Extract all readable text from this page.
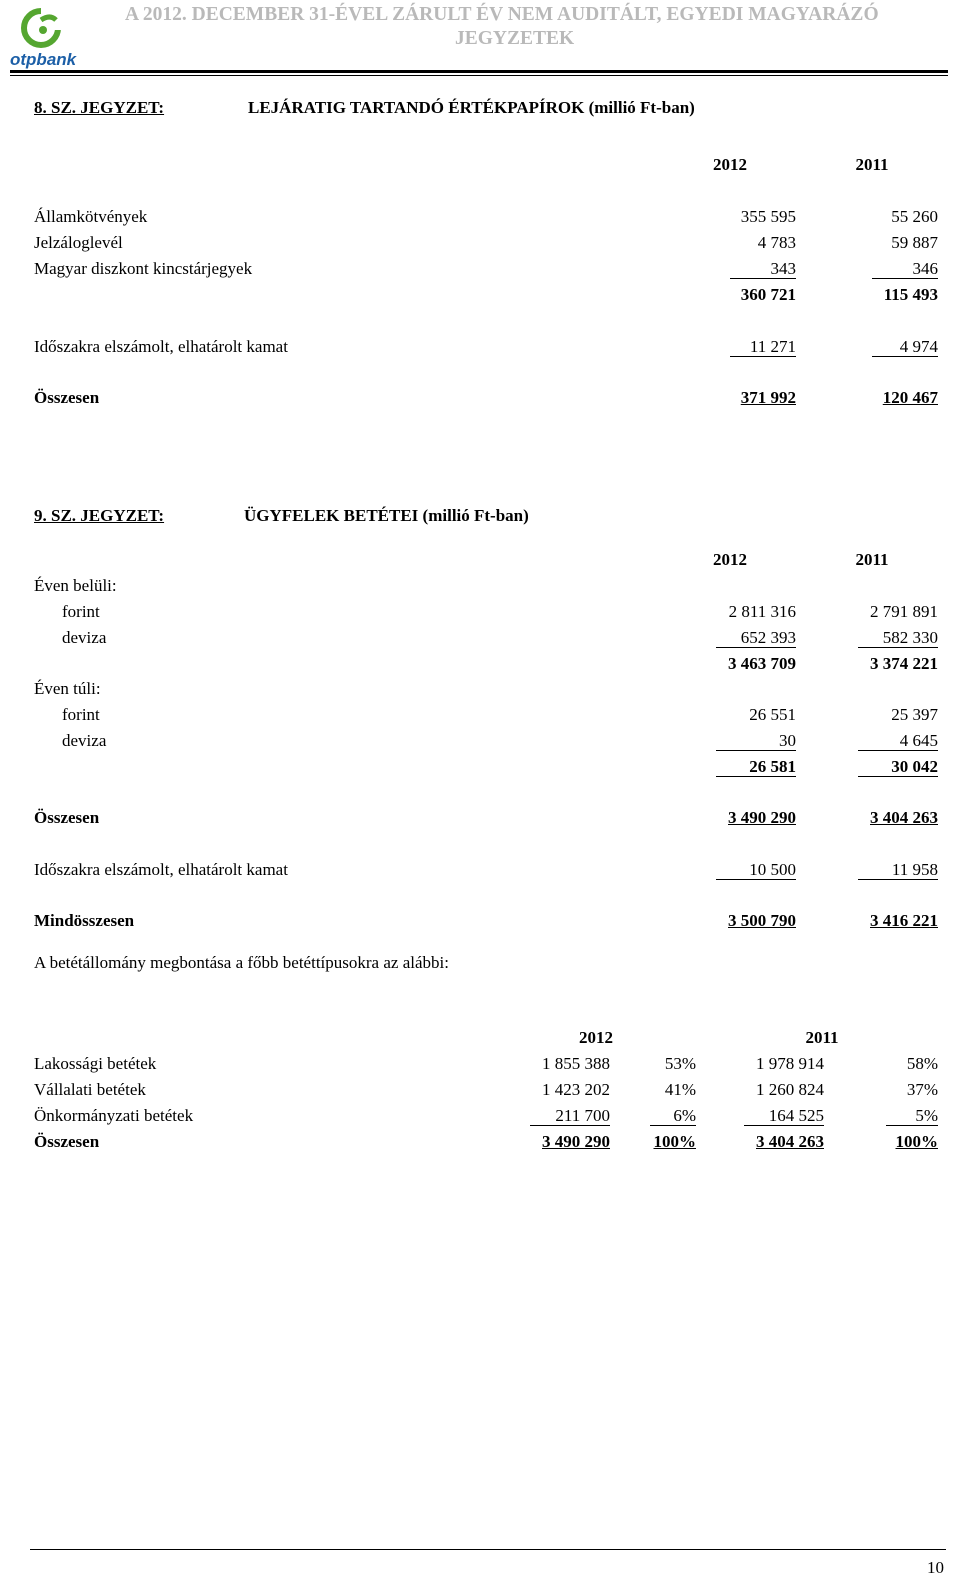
otpbank
A 2012. DECEMBER 31-ÉVEL ZÁRULT ÉV NEM AUDITÁLT, EGYEDI MAGYARÁZÓ
JEGYZETEK
8. SZ. JEGYZET:	LEJÁRATIG TARTANDÓ ÉRTÉKPAPÍROK (millió Ft-ban)
2012	2011
Államkötvények	355 595	55 260
Jelzáloglevél	4 783	59 887
Magyar diszkont kincstárjegyek	343	346
360 721	115 493
Időszakra elszámolt, elhatárolt kamat	11 271	4 974
Összesen	371 992	120 467
9. SZ. JEGYZET:	ÜGYFELEK BETÉTEI (millió Ft-ban)
2012	2011
Éven belüli:
forint	2 811 316	2 791 891
deviza	652 393	582 330
3 463 709	3 374 221
Éven túli:
forint	26 551	25 397
deviza	30	4 645
26 581	30 042
Összesen	3 490 290	3 404 263
Időszakra elszámolt, elhatárolt kamat	10 500	11 958
Mindösszesen	3 500 790	3 416 221
A betétállomány megbontása a főbb betéttípusokra az alábbi:
2012	2011
Lakossági betétek	1 855 388	53%	1 978 914	58%
Vállalati betétek	1 423 202	41%	1 260 824	37%
Önkormányzati betétek	211 700	6%	164 525	5%
Összesen	3 490 290	100%	3 404 263	100%
10
